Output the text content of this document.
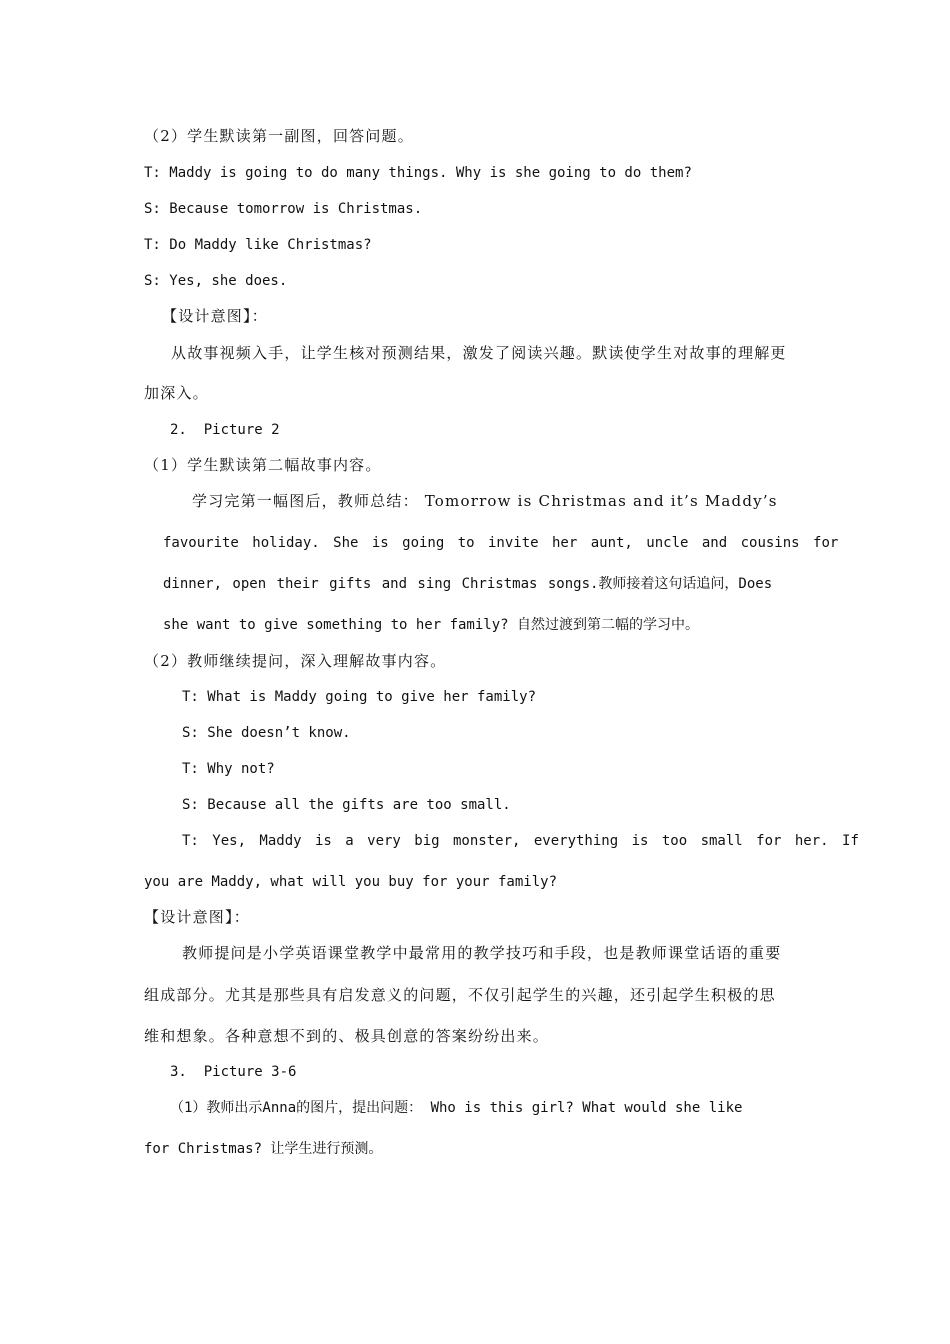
（2）学生默读第一副图，回答问题。
T: Maddy is going to do many things. Why is she going to do them?
S: Because tomorrow is Christmas.
T: Do Maddy like Christmas?
S: Yes, she does.
【设计意图】：
从故事视频入手，让学生核对预测结果，激发了阅读兴趣。默读使学生对故事的理解更
加深入。
2.  Picture 2
（1）学生默读第二幅故事内容。
学习完第一幅图后，教师总结： Tomorrow is Christmas and it’s Maddy’s
favourite holiday. She is going to invite her aunt, uncle and cousins for
dinner, open their gifts and sing Christmas songs.教师接着这句话追问，Does
she want to give something to her family? 自然过渡到第二幅的学习中。
（2）教师继续提问，深入理解故事内容。
T: What is Maddy going to give her family?
S: She doesn’t know.
T: Why not?
S: Because all the gifts are too small.
T: Yes, Maddy is a very big monster, everything is too small for her. If
you are Maddy, what will you buy for your family?
【设计意图】：
教师提问是小学英语课堂教学中最常用的教学技巧和手段，也是教师课堂话语的重要
组成部分。尤其是那些具有启发意义的问题，不仅引起学生的兴趣，还引起学生积极的思
维和想象。各种意想不到的、极具创意的答案纷纷出来。
3.  Picture 3-6
（1）教师出示Anna的图片，提出问题： Who is this girl? What would she like
for Christmas? 让学生进行预测。
